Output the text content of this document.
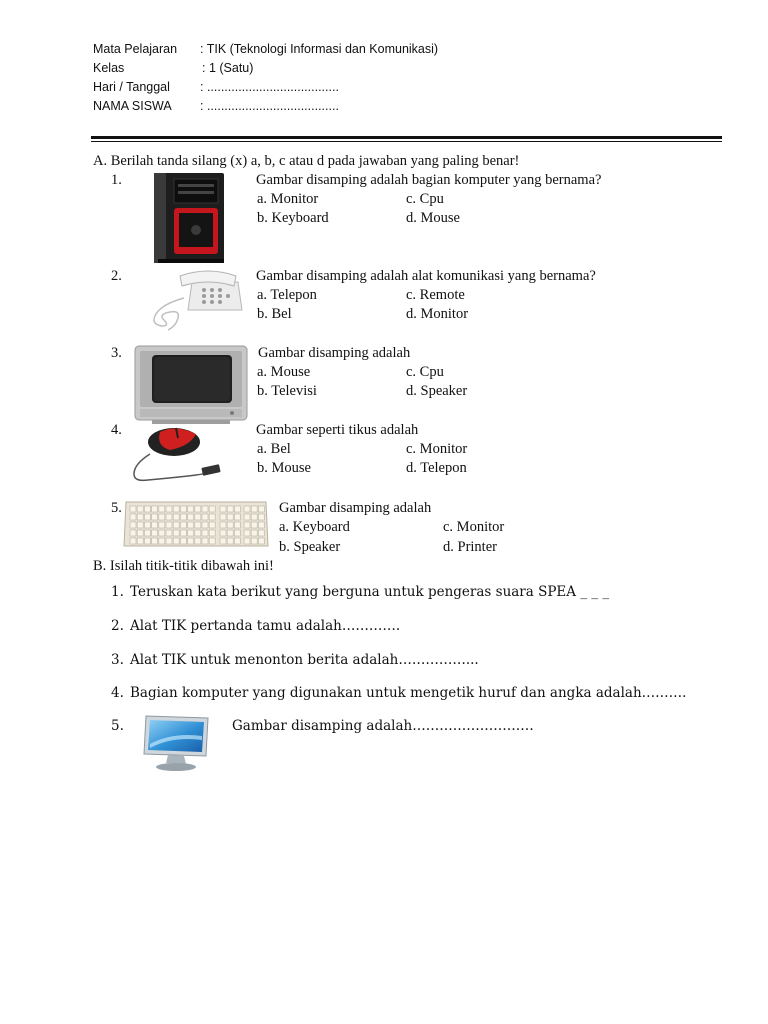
Mata Pelajaran : TIK (Teknologi Informasi dan Komunikasi)
Kelas	: 1 (Satu)
Hari / Tanggal : ......................................
NAMA SISWA : ......................................
A. Berilah tanda silang (x) a, b, c atau d pada jawaban yang paling benar!
1.	Gambar disamping adalah bagian komputer yang bernama?
a. Monitor
b. Keyboard
c. Cpu
d. Mouse
2.	Gambar disamping adalah alat komunikasi yang bernama?
a. Telepon
b. Bel
c. Remote
d. Monitor
3.	Gambar disamping adalah
a. Mouse
b. Televisi
c. Cpu
d. Speaker
4.	Gambar seperti tikus adalah
a. Bel
b. Mouse
c. Monitor
d. Telepon
5.	Gambar disamping adalah
a. Keyboard
b. Speaker
c. Monitor
d. Printer
B. Isilah titik-titik dibawah ini!
1. Teruskan kata berikut yang berguna untuk pengeras suara SPEA _ _ _
2. Alat TIK pertanda tamu adalah………….
3. Alat TIK untuk menonton berita adalah……………...
4. Bagian komputer yang digunakan untuk mengetik huruf dan angka adalah……….
5.	Gambar disamping adalah………………………
